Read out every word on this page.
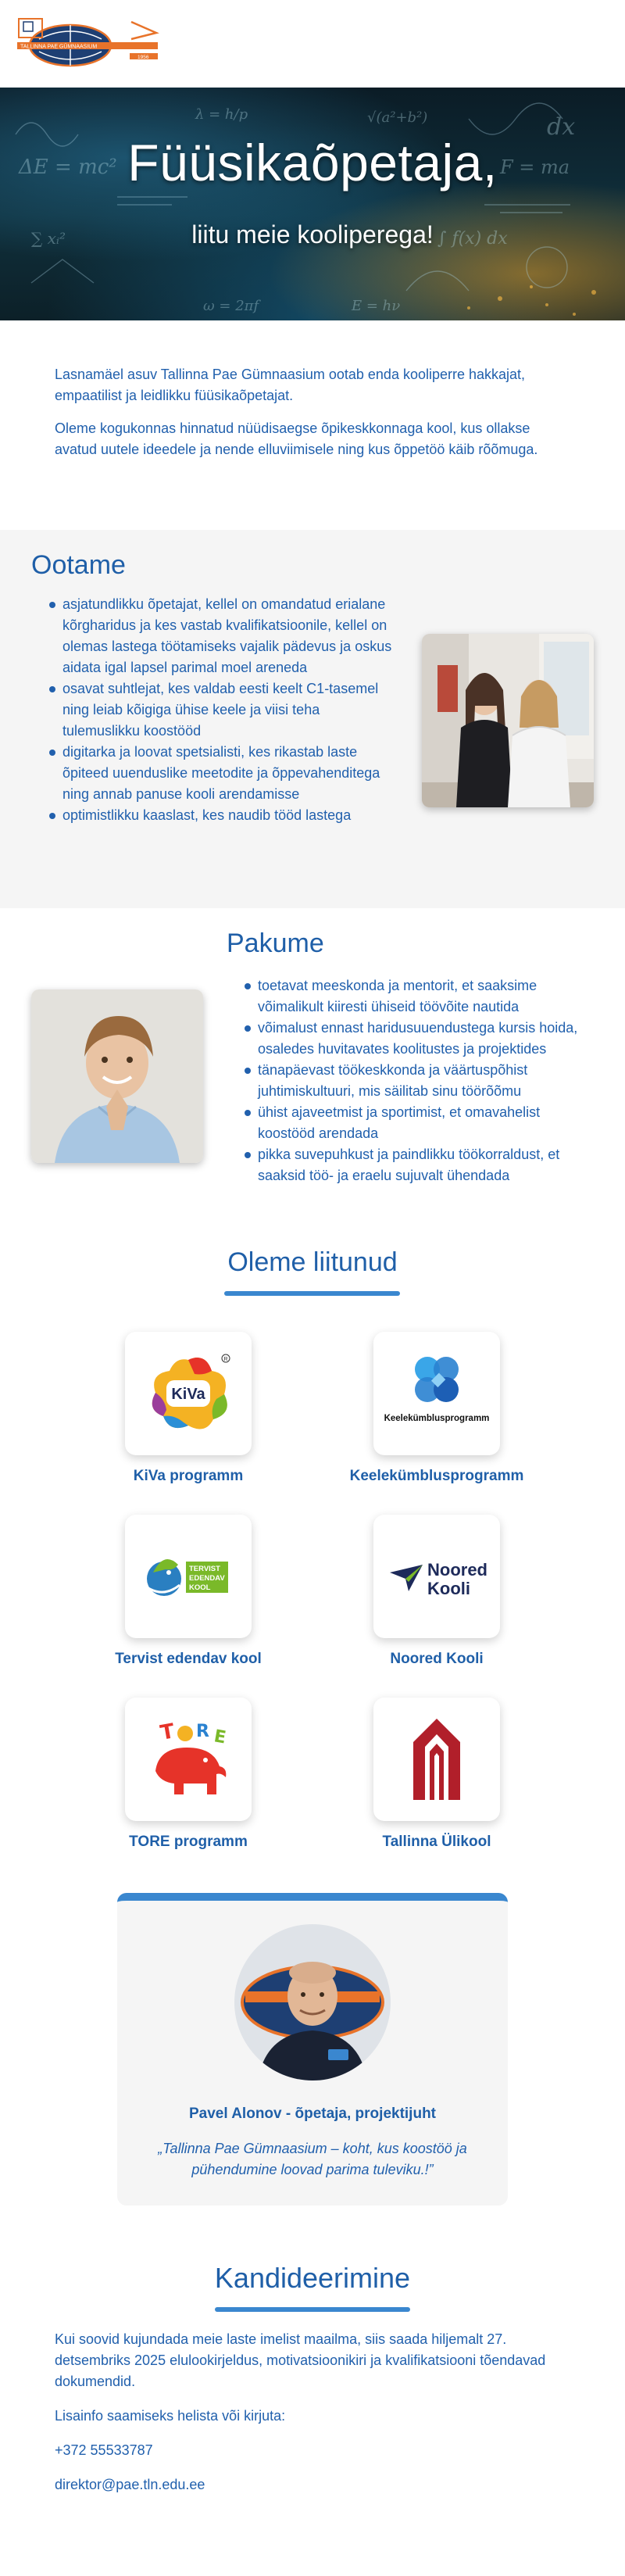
TALLINNA PAE GÜMNAASIUM
1956
ΔE = mc²	F = ma
∑ xᵢ²	∫ f(x) dx
λ = h/p	√(a²+b²)
ω = 2πf	E = hν
dx
Füüsikaõpetaja,
liitu meie kooliperega!

Lasnamäel asuv Tallinna Pae Gümnaasium ootab enda kooliperre hakkajat, empaatilist ja leidlikku füüsikaõpetajat.

Oleme kogukonnas hinnatud nüüdisaegse õpikeskkonnaga kool, kus ollakse avatud uutele ideedele ja nende elluviimisele ning kus õppetöö käib rõõmuga.

Ootame
asjatundlikku õpetajat, kellel on omandatud erialane kõrgharidus ja kes vastab kvalifikatsioonile, kellel on olemas lastega töötamiseks vajalik pädevus ja oskus aidata igal lapsel parimal moel areneda
osavat suhtlejat, kes valdab eesti keelt C1-tasemel ning leiab kõigiga ühise keele ja viisi teha tulemuslikku koostööd
digitarka ja loovat spetsialisti, kes rikastab laste õpiteed uuenduslike meetodite ja õppevahenditega ning annab panuse kooli arendamisse
optimistlikku kaaslast, kes naudib tööd lastega
Pakume
toetavat meeskonda ja mentorit, et saaksime võimalikult kiiresti ühiseid töövõite nautida
võimalust ennast haridusuuendustega kursis hoida, osaledes huvitavates koolitustes ja projektides
tänapäevast töökeskkonda ja väärtuspõhist juhtimiskultuuri, mis säilitab sinu töörõõmu
ühist ajaveetmist ja sportimist, et omavahelist koostööd arendada
pikka suvepuhkust ja paindlikku töökorraldust, et saaksid töö- ja eraelu sujuvalt ühendada
Oleme liitunud
KiVa
R
KiVa programm
Keelekümblusprogramm
Keelekümblusprogramm
TERVIST
EDENDAV
KOOL
Tervist edendav kool
Noored
Kooli
Noored Kooli
T R E
TORE programm	Tallinna Ülikool
Pavel Alonov - õpetaja, projektijuht
„Tallinna Pae Gümnaasium – koht, kus koostöö ja pühendumine loovad parima tuleviku.!”
Kandideerimine

Kui soovid kujundada meie laste imelist maailma, siis saada hiljemalt 27. detsembriks 2025 elulookirjeldus, motivatsioonikiri ja kvalifikatsiooni tõendavad dokumendid.

Lisainfo saamiseks helista või kirjuta:

+372 55533787

direktor@pae.tln.edu.ee
